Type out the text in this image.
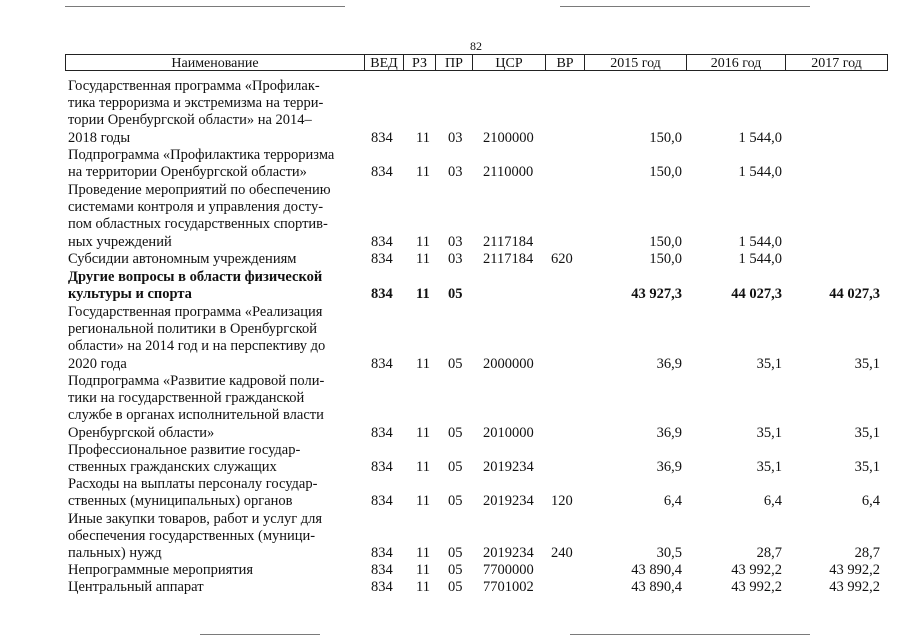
82
Наименование	ВЕД	РЗ	ПР	ЦСР	ВР	2015 год	2016 год	2017 год
Государственная программа «Профилак-
тика терроризма и экстремизма на терри-
тории Оренбургской области» на 2014–
2018 годы	834 11 03 2100000	150,0	1 544,0
Подпрограмма «Профилактика терроризма
на территории Оренбургской области»	834 11 03 2110000	150,0	1 544,0
Проведение мероприятий по обеспечению
системами контроля и управления досту-
пом областных государственных спортив-
ных учреждений	834 11 03 2117184	150,0	1 544,0
Субсидии автономным учреждениям	834 11 03 2117184 620	150,0	1 544,0
Другие вопросы в области физической
культуры и спорта	834 11 05	43 927,3	44 027,3	44 027,3
Государственная программа «Реализация
региональной политики в Оренбургской
области» на 2014 год и на перспективу до
2020 года	834 11 05 2000000	36,9	35,1	35,1
Подпрограмма «Развитие кадровой поли-
тики на государственной гражданской
службе в органах исполнительной власти
Оренбургской области»	834 11 05 2010000	36,9	35,1	35,1
Профессиональное развитие государ-
ственных гражданских служащих	834 11 05 2019234	36,9	35,1	35,1
Расходы на выплаты персоналу государ-
ственных (муниципальных) органов	834 11 05 2019234 120	6,4	6,4	6,4
Иные закупки товаров, работ и услуг для
обеспечения государственных (муници-
пальных) нужд	834 11 05 2019234 240	30,5	28,7	28,7
Непрограммные мероприятия	834 11 05 7700000	43 890,4	43 992,2	43 992,2
Центральный аппарат	834 11 05 7701002	43 890,4	43 992,2	43 992,2
